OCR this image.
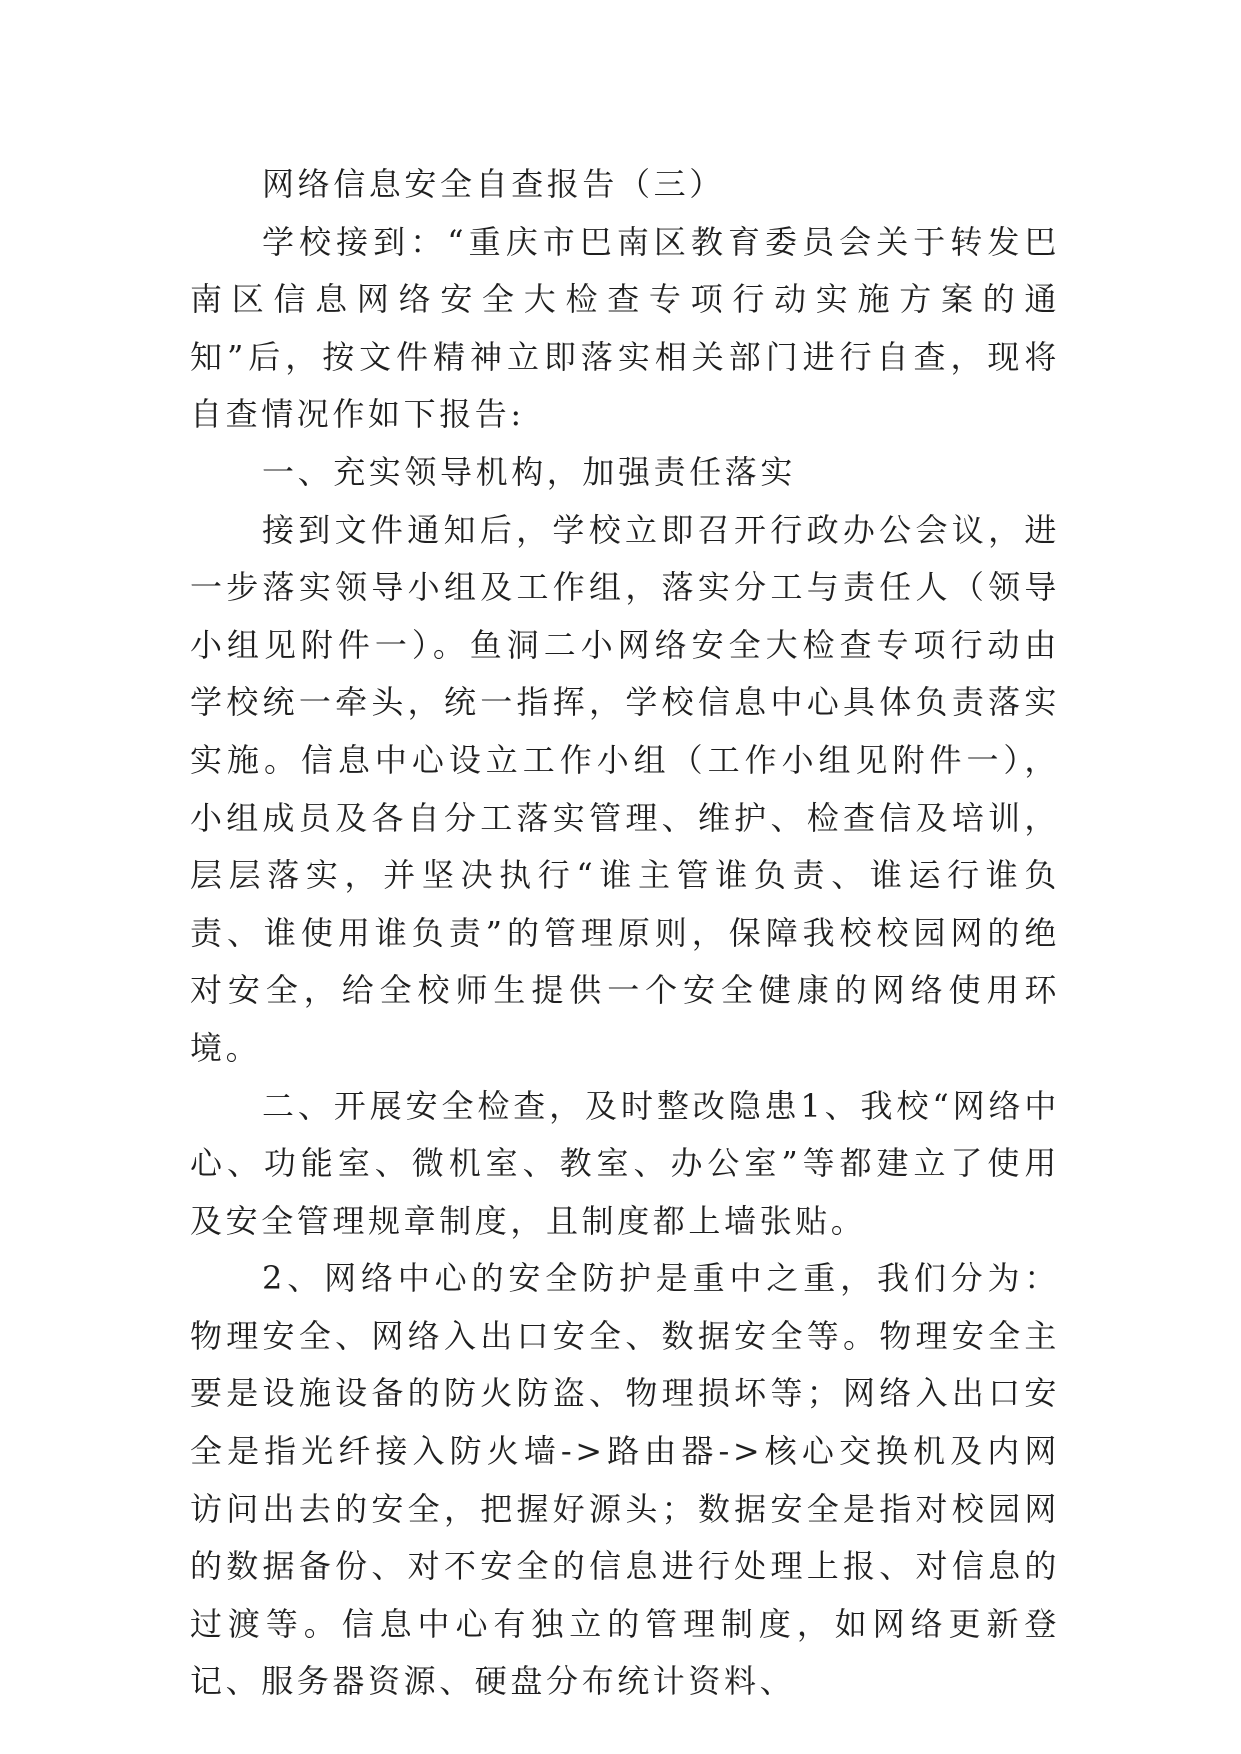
网络信息安全自查报告（三）

学校接到：“重庆市巴南区教育委员会关于转发巴南区信息网络安全大检查专项行动实施方案的通知”后，按文件精神立即落实相关部门进行自查，现将自查情况作如下报告:

一、充实领导机构，加强责任落实

接到文件通知后，学校立即召开行政办公会议，进一步落实领导小组及工作组，落实分工与责任人（领导小组见附件一）。鱼洞二小网络安全大检查专项行动由学校统一牵头，统一指挥，学校信息中心具体负责落实实施。信息中心设立工作小组（工作小组见附件一），小组成员及各自分工落实管理、维护、检查信及培训，层层落实，并坚决执行“谁主管谁负责、谁运行谁负责、谁使用谁负责”的管理原则，保障我校校园网的绝对安全，给全校师生提供一个安全健康的网络使用环境。

二、开展安全检查，及时整改隐患1、我校“网络中心、功能室、微机室、教室、办公室”等都建立了使用及安全管理规章制度，且制度都上墙张贴。

2、网络中心的安全防护是重中之重，我们分为：物理安全、网络入出口安全、数据安全等。物理安全主要是设施设备的防火防盗、物理损坏等；网络入出口安全是指光纤接入防火墙->路由器->核心交换机及内网访问出去的安全，把握好源头；数据安全是指对校园网的数据备份、对不安全的信息进行处理上报、对信息的过渡等。信息中心有独立的管理制度，如网络更新登记、服务器资源、硬盘分布统计资料、
